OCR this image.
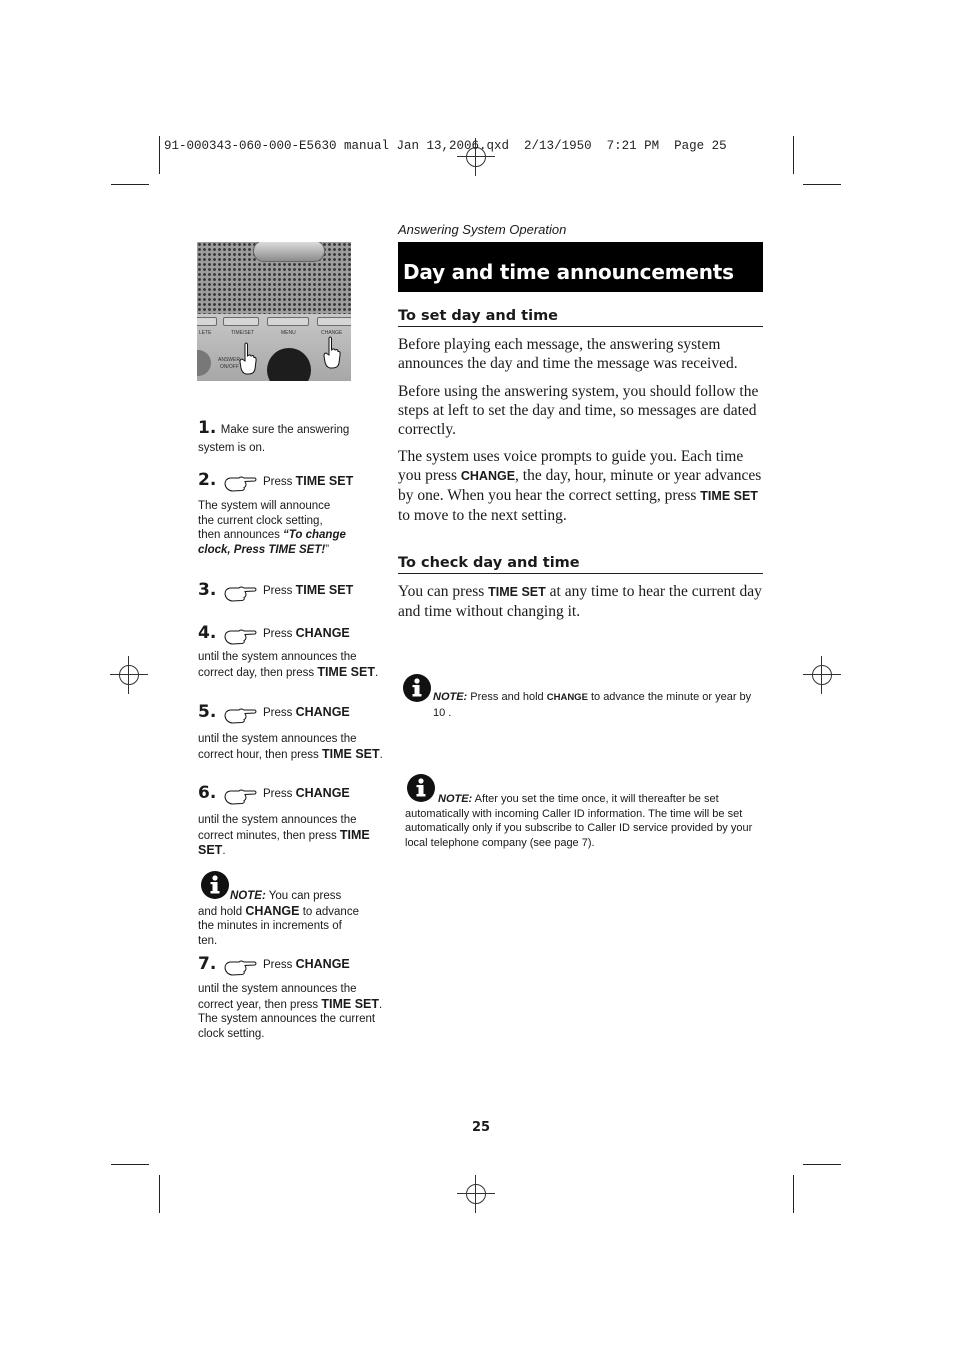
91-000343-060-000-E5630 manual Jan 13,2006.qxd  2/13/1950  7:21 PM  Page 25
Answering System Operation
Day and time announcements
To set day and time
Before playing each message, the answering system announces the day and time the message was received.
Before using the answering system, you should follow the steps at left to set the day and time, so messages are dated correctly.
The system uses voice prompts to guide you. Each time you press CHANGE, the day, hour, minute or year advances by one. When you hear the correct setting, press TIME SET to move to the next setting.
To check day and time
You can press TIME SET at any time to hear the current day and time without changing it.
NOTE: Press and hold CHANGE to advance the minute or year by 10 .
NOTE: After you set the time once, it will thereafter be set automatically with incoming Caller ID information. The time will be set automatically only if you subscribe to Caller ID service provided by your local telephone company (see page 7).
LETE	TIME/SET	MENU	CHANGE
ANSWER
ON/OFF
1. Make sure the answering system is on.
2.	Press TIME SET
The system will announce the current clock setting, then announces “To change clock, Press TIME SET!”
3.	Press TIME SET
4.	Press CHANGE
until the system announces the correct day, then press TIME SET.
5.	Press CHANGE
until the system announces the correct hour, then press TIME SET.
6.	Press CHANGE
until the system announces the correct minutes, then press TIME SET.
NOTE: You can press and hold CHANGE to advance the minutes in increments of ten.
7.	Press CHANGE
until the system announces the correct year, then press TIME SET. The system announces the current clock setting.
25
